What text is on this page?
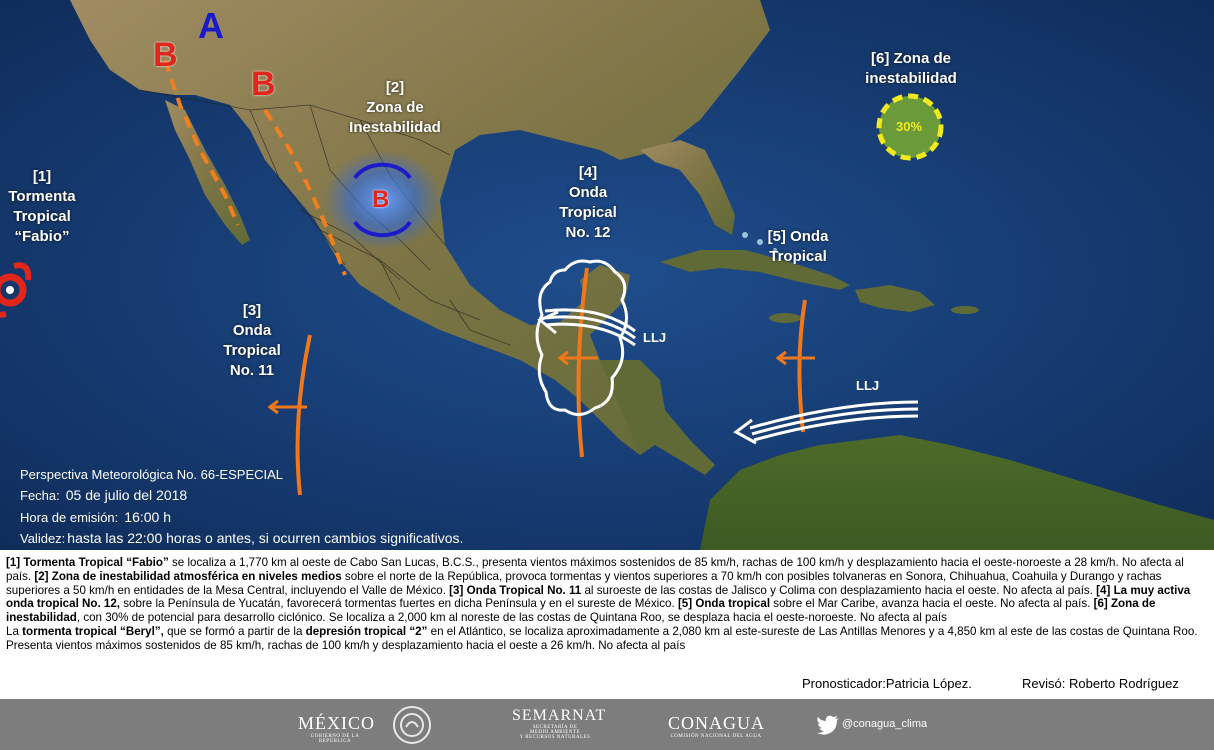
A
B
B
B
[1]
Tormenta
Tropical
“Fabio”
[2]
Zona de
Inestabilidad
[3]
Onda
Tropical
No. 11
[4]
Onda
Tropical
No. 12	[5] Onda
Tropical
[6] Zona de
inestabilidad
30%
LLJ
LLJ
Perspectiva Meteorológica No. 66-ESPECIAL
Fecha: 05 de julio del 2018
Hora de emisión: 16:00 h
Validez: hasta las 22:00 horas o antes, si ocurren cambios significativos.

[1] Tormenta Tropical “Fabio” se localiza a 1,770 km al oeste de Cabo San Lucas, B.C.S., presenta vientos máximos sostenidos de 85 km/h, rachas de 100 km/h y desplazamiento hacia el oeste-noroeste a 28 km/h. No afecta al país. [2] Zona de inestabilidad atmosférica en niveles medios sobre el norte de la República, provoca tormentas y vientos superiores a 70 km/h con posibles tolvaneras en Sonora, Chihuahua, Coahuila y Durango y rachas superiores a 50 km/h en entidades de la Mesa Central, incluyendo el Valle de México. [3] Onda Tropical No. 11 al suroeste de las costas de Jalisco y Colima con desplazamiento hacia el oeste. No afecta al país. [4] La muy activa onda tropical No. 12, sobre la Península de Yucatán, favorecerá tormentas fuertes en dicha Península y en el sureste de México. [5] Onda tropical sobre el Mar Caribe, avanza hacia el oeste. No afecta al país. [6] Zona de inestabilidad, con 30% de potencial para desarrollo ciclónico. Se localiza a 2,000 km al noreste de las costas de Quintana Roo, se desplaza hacia el oeste-noroeste. No afecta al país

La tormenta tropical “Beryl”, que se formó a partir de la depresión tropical “2” en el Atlántico, se localiza aproximadamente a 2,080 km al este-sureste de Las Antillas Menores y a 4,850 km al este de las costas de Quintana Roo. Presenta vientos máximos sostenidos de 85 km/h, rachas de 100 km/h y desplazamiento hacia el oeste a 26 km/h. No afecta al país

Pronosticador:Patricia López.	Revisó: Roberto Rodríguez
MÉXICO
GOBIERNO DE LA REPÚBLICA
SEMARNAT
SECRETARÍA DE
MEDIO AMBIENTE
Y RECURSOS NATURALES
CONAGUA
COMISIÓN NACIONAL DEL AGUA
@conagua_clima
